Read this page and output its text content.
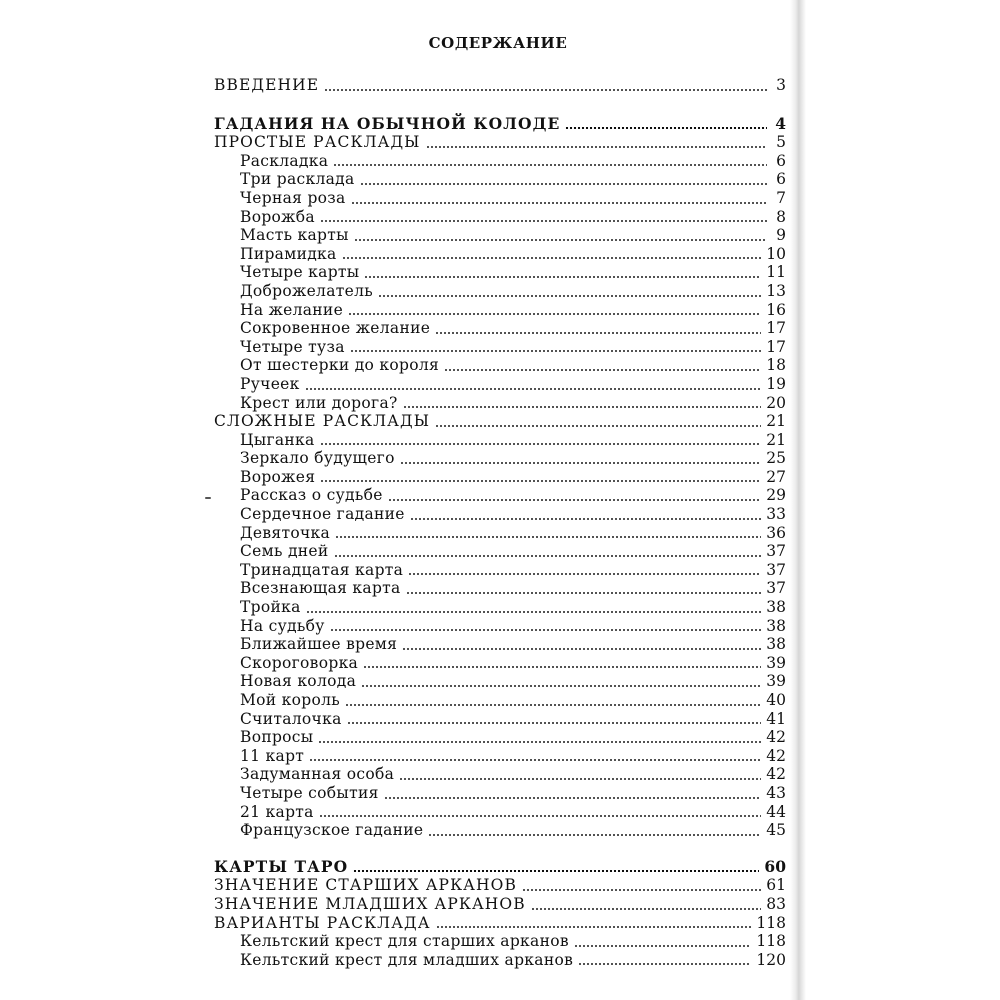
СОДЕРЖАНИЕ
ВВЕДЕНИЕ	3
ГАДАНИЯ НА ОБЫЧНОЙ КОЛОДЕ	4
ПРОСТЫЕ РАСКЛАДЫ	5
Раскладка	6
Три расклада	6
Черная роза	7
Ворожба	8
Масть карты	9
Пирамидка	10
Четыре карты	11
Доброжелатель	13
На желание	16
Сокровенное желание	17
Четыре туза	17
От шестерки до короля	18
Ручеек	19
Крест или дорога?	20
СЛОЖНЫЕ РАСКЛАДЫ	21
Цыганка	21
Зеркало будущего	25
Ворожея	27
Рассказ о судьбе	29
Сердечное гадание	33
Девяточка	36
Семь дней	37
Тринадцатая карта	37
Всезнающая карта	37
Тройка	38
На судьбу	38
Ближайшее время	38
Скороговорка	39
Новая колода	39
Мой король	40
Считалочка	41
Вопросы	42
11 карт	42
Задуманная особа	42
Четыре события	43
21 карта	44
Французское гадание	45
КАРТЫ ТАРО	60
ЗНАЧЕНИЕ СТАРШИХ АРКАНОВ	61
ЗНАЧЕНИЕ МЛАДШИХ АРКАНОВ	83
ВАРИАНТЫ РАСКЛАДА	118
Кельтский крест для старших арканов	118
Кельтский крест для младших арканов	120
